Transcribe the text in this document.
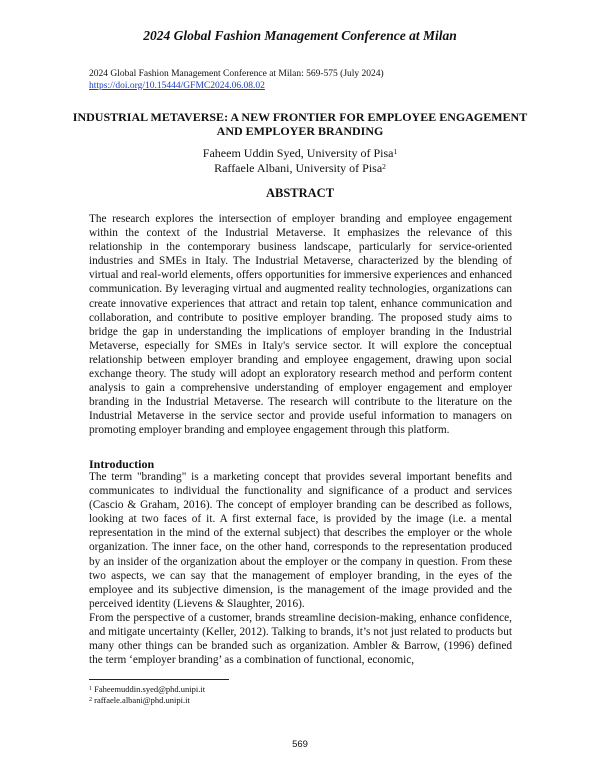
2024 Global Fashion Management Conference at Milan
2024 Global Fashion Management Conference at Milan: 569-575 (July 2024)
https://doi.org/10.15444/GFMC2024.06.08.02
INDUSTRIAL METAVERSE: A NEW FRONTIER FOR EMPLOYEE ENGAGEMENT AND EMPLOYER BRANDING
Faheem Uddin Syed, University of Pisa$^1$
Raffaele Albani, University of Pisa$^2$
ABSTRACT

The research explores the intersection of employer branding and employee engagement within the context of the Industrial Metaverse. It emphasizes the relevance of this relationship in the contemporary business landscape, particularly for service-oriented industries and SMEs in Italy. The Industrial Metaverse, characterized by the blending of virtual and real-world elements, offers opportunities for immersive experiences and enhanced communication. By leveraging virtual and augmented reality technologies, organizations can create innovative experiences that attract and retain top talent, enhance communication and collaboration, and contribute to positive employer branding. The proposed study aims to bridge the gap in understanding the implications of employer branding in the Industrial Metaverse, especially for SMEs in Italy's service sector. It will explore the conceptual relationship between employer branding and employee engagement, drawing upon social exchange theory. The study will adopt an exploratory research method and perform content analysis to gain a comprehensive understanding of employer engagement and employer branding in the Industrial Metaverse. The research will contribute to the literature on the Industrial Metaverse in the service sector and provide useful information to managers on promoting employer branding and employee engagement through this platform.

Introduction

The term "branding" is a marketing concept that provides several important benefits and communicates to individual the functionality and significance of a product and services (Cascio & Graham, 2016). The concept of employer branding can be described as follows, looking at two faces of it. A first external face, is provided by the image (i.e. a mental representation in the mind of the external subject) that describes the employer or the whole organization. The inner face, on the other hand, corresponds to the representation produced by an insider of the organization about the employer or the company in question. From these two aspects, we can say that the management of employer branding, in the eyes of the employee and its subjective dimension, is the management of the image provided and the perceived identity (Lievens & Slaughter, 2016).

From the perspective of a customer, brands streamline decision-making, enhance confidence, and mitigate uncertainty (Keller, 2012). Talking to brands, it’s not just related to products but many other things can be branded such as organization. Ambler & Barrow, (1996) defined the term ‘employer branding’ as a combination of functional, economic,

$^1$ Faheemuddin.syed@phd.unipi.it
$^2$ raffaele.albani@phd.unipi.it
569
